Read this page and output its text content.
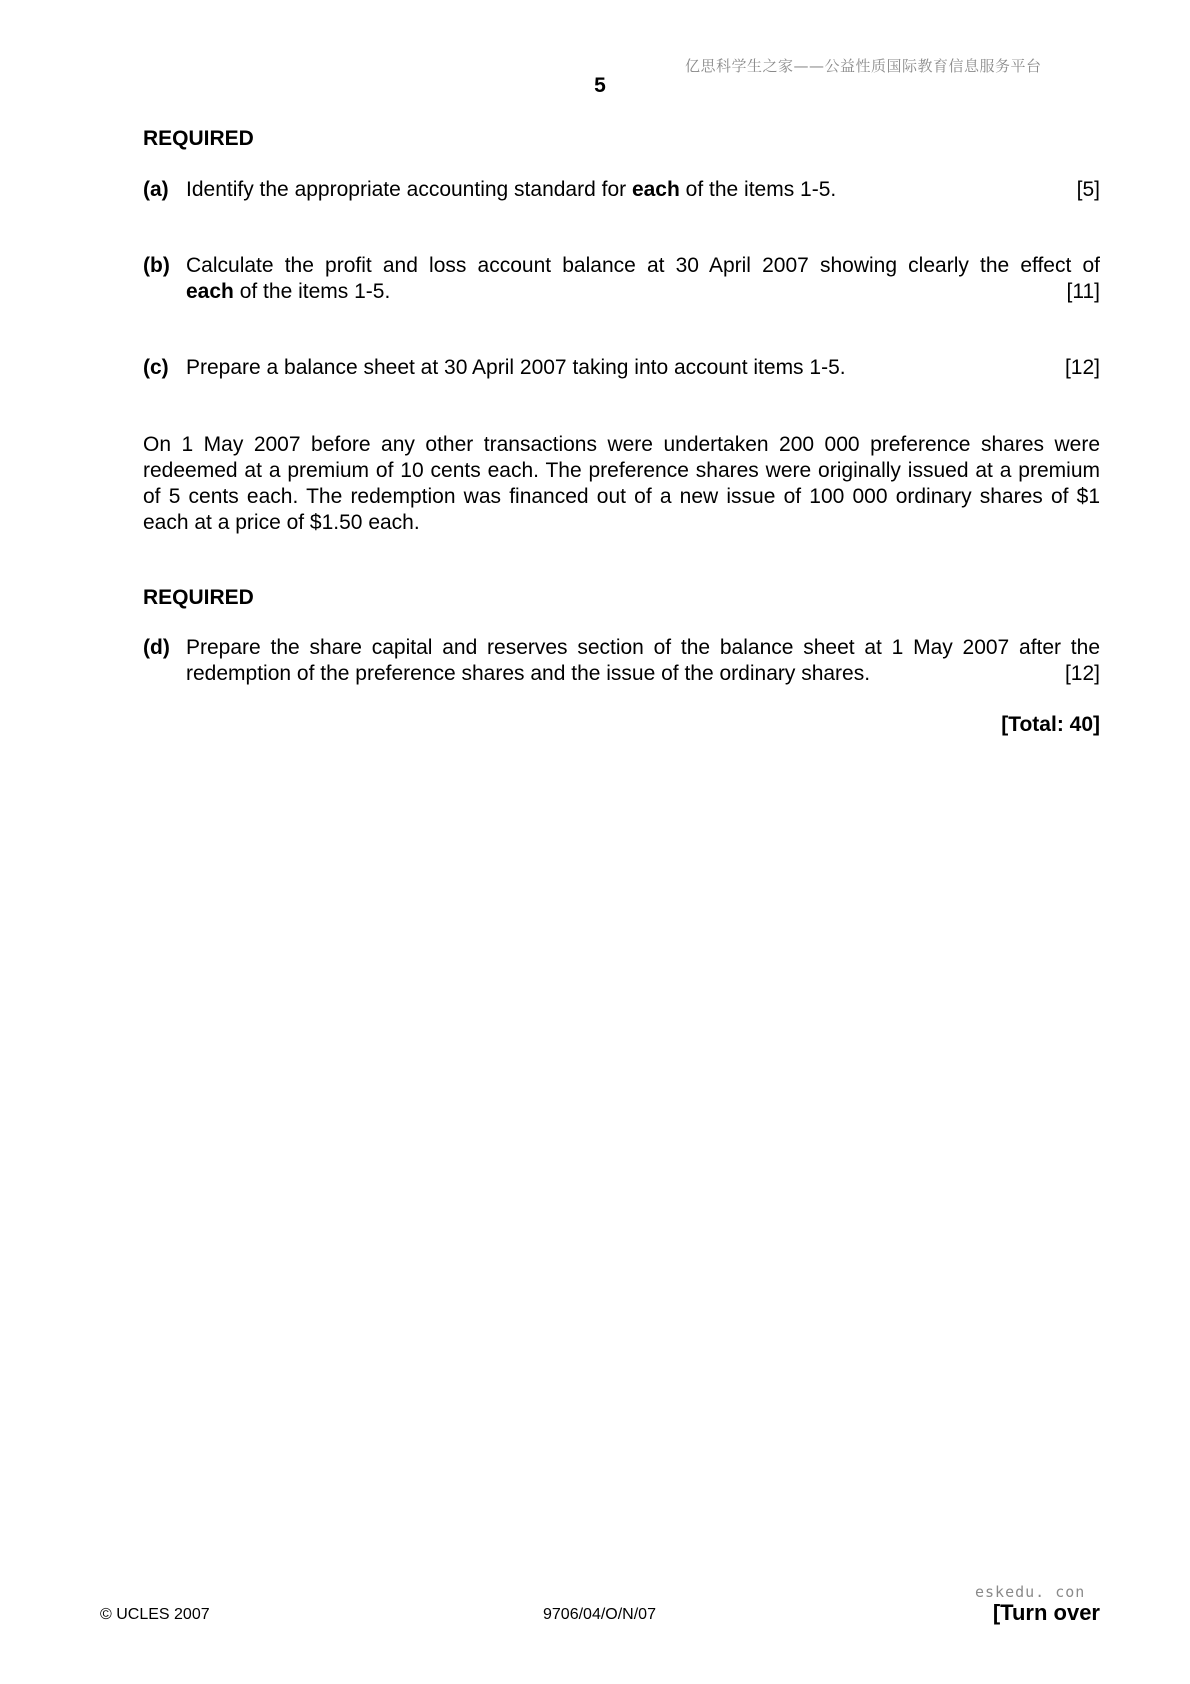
亿思科学生之家——公益性质国际教育信息服务平台
5
REQUIRED
(a) Identify the appropriate accounting standard for each of the items 1-5.	[5]
(b) Calculate the profit and loss account balance at 30 April 2007 showing clearly the effect of
each of the items 1-5.	[11]
(c) Prepare a balance sheet at 30 April 2007 taking into account items 1-5.	[12]
On 1 May 2007 before any other transactions were undertaken 200 000 preference shares were redeemed at a premium of 10 cents each. The preference shares were originally issued at a premium of 5 cents each. The redemption was financed out of a new issue of 100 000 ordinary shares of $1 each at a price of $1.50 each.
REQUIRED
(d) Prepare the share capital and reserves section of the balance sheet at 1 May 2007 after the
redemption of the preference shares and the issue of the ordinary shares.	[12]
[Total: 40]
eskedu. con
© UCLES 2007	9706/04/O/N/07	[Turn over
